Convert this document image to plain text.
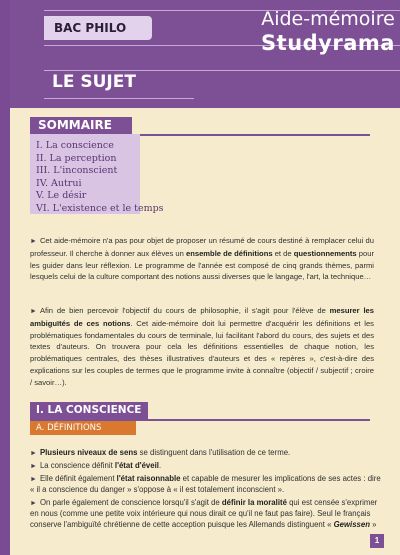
BAC PHILO	Aide-mémoire
Studyrama
LE SUJET
SOMMAIRE
I. La conscience
II. La perception
III. L'inconscient
IV. Autrui
V. Le désir
VI. L'existence et le temps
► Cet aide-mémoire n'a pas pour objet de proposer un résumé de cours destiné à remplacer celui du professeur. Il cherche à donner aux élèves un ensemble de définitions et de questionnements pour les guider dans leur réflexion. Le programme de l'année est composé de cinq grands thèmes, parmi lesquels celui de la culture comportant des notions aussi diverses que le langage, l'art, la technique…
► Afin de bien percevoir l'objectif du cours de philosophie, il s'agit pour l'élève de mesurer les ambiguïtés de ces notions. Cet aide-mémoire doit lui permettre d'acquérir les définitions et les problématiques fondamentales du cours de terminale, lui facilitant l'abord du cours, des sujets et des textes d'auteurs. On trouvera pour cela les définitions essentielles de chaque notion, les problématiques centrales, des thèses illustratives d'auteurs et des « repères », c'est-à-dire des explications sur les couples de termes que le programme invite à connaître (objectif / subjectif ; croire / savoir…).
I. LA CONSCIENCE
A. DÉFINITIONS
► Plusieurs niveaux de sens se distinguent dans l'utilisation de ce terme.
► La conscience définit l'état d'éveil.
► Elle définit également l'état raisonnable et capable de mesurer les implications de ses actes : dire
« il a conscience du danger » s'oppose à « il est totalement inconscient ».
► On parle également de conscience lorsqu'il s'agit de définir la moralité qui est censée s'exprimer
en nous (comme une petite voix intérieure qui nous dirait ce qu'il ne faut pas faire). Seul le français
conserve l'ambiguïté chrétienne de cette acception puisque les Allemands distinguent « Gewissen »
1
